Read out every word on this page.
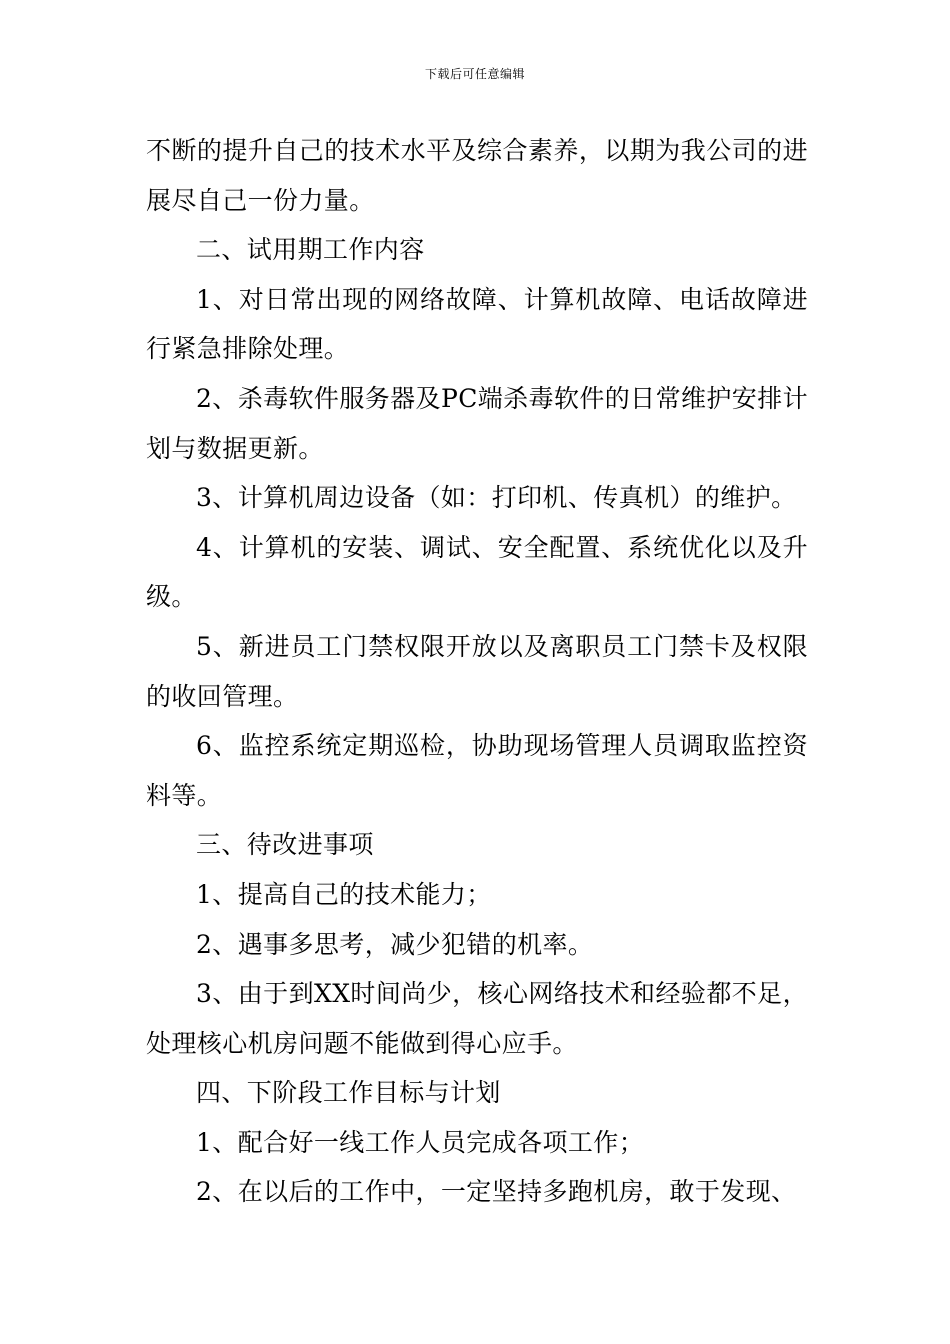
下载后可任意编辑

不断的提升自己的技术水平及综合素养，以期为我公司的进展尽自己一份力量。

二、试用期工作内容

1、对日常出现的网络故障、计算机故障、电话故障进行紧急排除处理。

2、杀毒软件服务器及PC端杀毒软件的日常维护安排计划与数据更新。

3、计算机周边设备（如：打印机、传真机）的维护。

4、计算机的安装、调试、安全配置、系统优化以及升级。

5、新进员工门禁权限开放以及离职员工门禁卡及权限的收回管理。

6、监控系统定期巡检，协助现场管理人员调取监控资料等。

三、待改进事项

1、提高自己的技术能力；

2、遇事多思考，减少犯错的机率。

3、由于到XX时间尚少，核心网络技术和经验都不足，处理核心机房问题不能做到得心应手。

四、下阶段工作目标与计划

1、配合好一线工作人员完成各项工作；

2、在以后的工作中，一定坚持多跑机房，敢于发现、
